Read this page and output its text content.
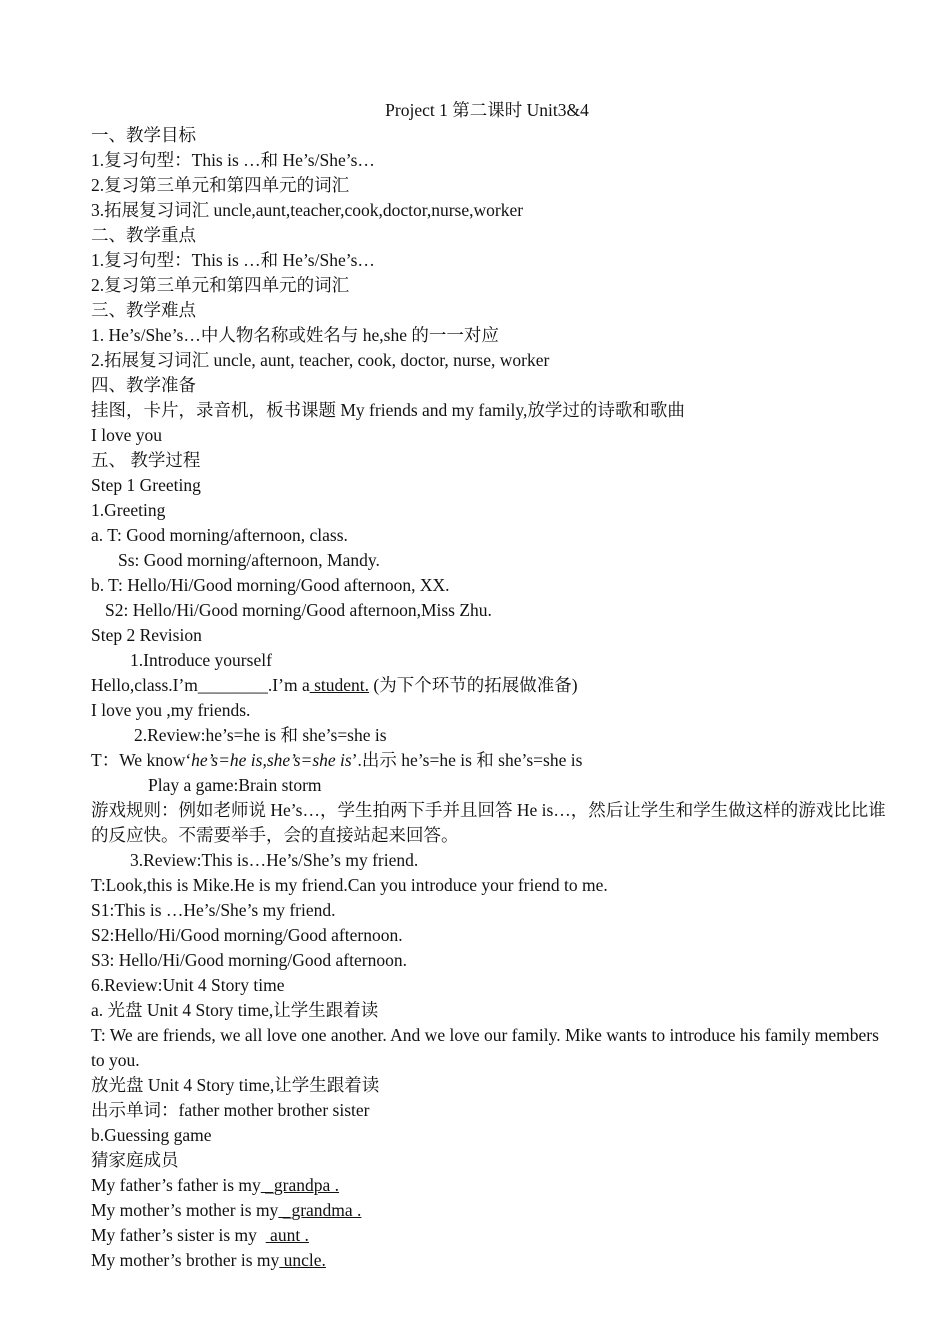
Project 1 第二课时 Unit3&4
一、教学目标
1.复习句型：This is …和 He’s/She’s…
2.复习第三单元和第四单元的词汇
3.拓展复习词汇 uncle,aunt,teacher,cook,doctor,nurse,worker
二、教学重点
1.复习句型：This is …和 He’s/She’s…
2.复习第三单元和第四单元的词汇
三、教学难点
1. He’s/She’s…中人物名称或姓名与 he,she 的一一对应
2.拓展复习词汇 uncle, aunt, teacher, cook, doctor, nurse, worker
四、教学准备
挂图，卡片，录音机，板书课题 My friends and my family,放学过的诗歌和歌曲
I love you
五、 教学过程
Step 1 Greeting
1.Greeting
a. T: Good morning/afternoon, class.
Ss: Good morning/afternoon, Mandy.
b. T: Hello/Hi/Good morning/Good afternoon, XX.
S2: Hello/Hi/Good morning/Good afternoon,Miss Zhu.
Step 2 Revision
1.Introduce yourself
Hello,class.I’m________.I’m a student. (为下个环节的拓展做准备)
I love you ,my friends.
2.Review:he’s=he is 和 she’s=she is
T：We know‘he’s=he is,she’s=she is’.出示 he’s=he is 和 she’s=she is
Play a game:Brain storm
游戏规则：例如老师说 He’s…，学生拍两下手并且回答 He is…，然后让学生和学生做这样的游戏比比谁的反应快。不需要举手，会的直接站起来回答。
3.Review:This is…He’s/She’s my friend.
T:Look,this is Mike.He is my friend.Can you introduce your friend to me.
S1:This is …He’s/She’s my friend.
S2:Hello/Hi/Good morning/Good afternoon.
S3: Hello/Hi/Good morning/Good afternoon.
6.Review:Unit 4 Story time
a. 光盘 Unit 4 Story time,让学生跟着读
T: We are friends, we all love one another. And we love our family. Mike wants to introduce his family members to you.
放光盘 Unit 4 Story time,让学生跟着读
出示单词：father mother brother sister
b.Guessing game
猜家庭成员
My father’s father is my _grandpa .
My mother’s mother is my _grandma .
My father’s sister is my   aunt .
My mother’s brother is my uncle.
